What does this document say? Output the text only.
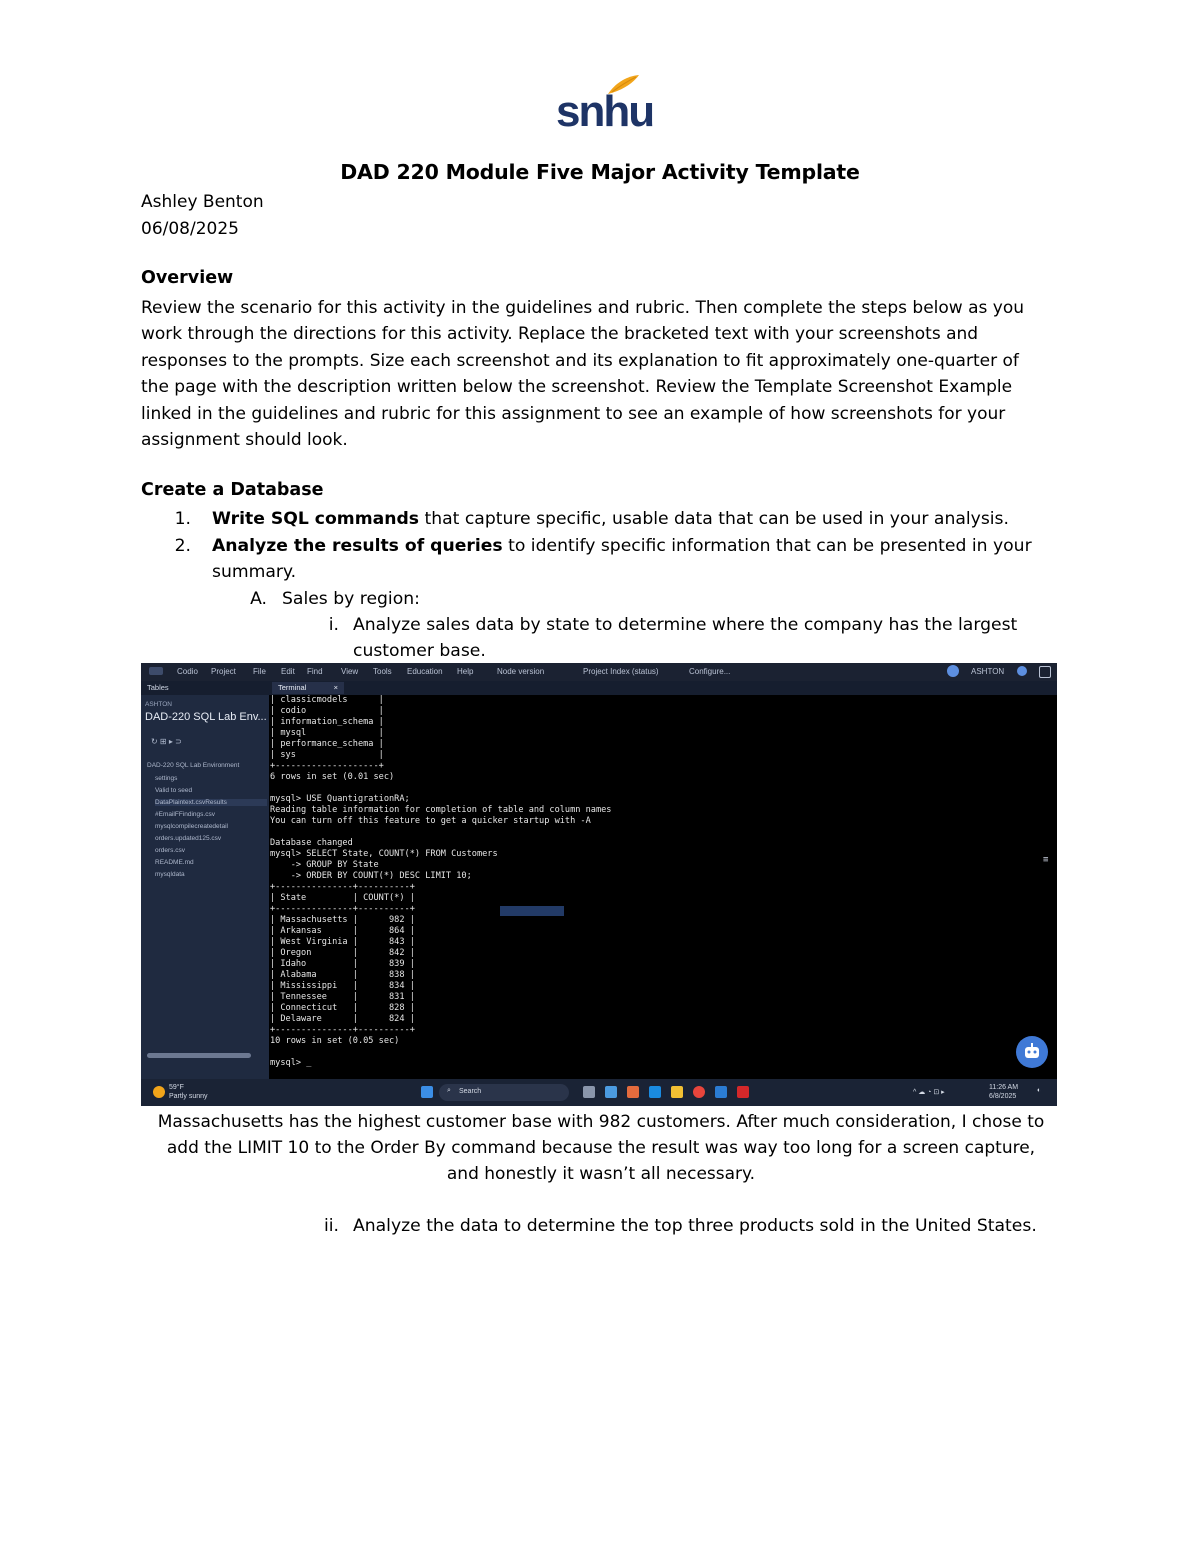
snhu
DAD 220 Module Five Major Activity Template
Ashley Benton
06/08/2025
Overview
Review the scenario for this activity in the guidelines and rubric. Then complete the steps below as you
work through the directions for this activity. Replace the bracketed text with your screenshots and
responses to the prompts. Size each screenshot and its explanation to fit approximately one-quarter of
the page with the description written below the screenshot. Review the Template Screenshot Example
linked in the guidelines and rubric for this assignment to see an example of how screenshots for your
assignment should look.
Create a Database
1. Write SQL commands that capture specific, usable data that can be used in your analysis.
2. Analyze the results of queries to identify specific information that can be presented in your
summary.
A. Sales by region:
i. Analyze sales data by state to determine where the company has the largest
customer base.
Codio Project File Edit Find View Tools Education Help	Node version	Project Index (status)	Configure...	ASHTON
Tables
ASHTON
DAD-220 SQL Lab Env...
↻ ⊞ ▸ ⊃
DAD-220 SQL Lab Environment
settings
Valid to seed
DataPlaintext.csvResults
#EmailFFindings.csv
mysqlcompilecreatedetail
orders.updated125.csv
orders.csv
README.md
mysqldata
Terminal	×
| classicmodels      |
| codio              |
| information_schema |
| mysql              |
| performance_schema |
| sys                |
+--------------------+
6 rows in set (0.01 sec)

mysql> USE QuantigrationRA;
Reading table information for completion of table and column names
You can turn off this feature to get a quicker startup with -A

Database changed
mysql> SELECT State, COUNT(*) FROM Customers
-> GROUP BY State
-> ORDER BY COUNT(*) DESC LIMIT 10;
+---------------+----------+
| State         | COUNT(*) |
+---------------+----------+
| Massachusetts |      982 |
| Arkansas      |      864 |
| West Virginia |      843 |
| Oregon        |      842 |
| Idaho         |      839 |
| Alabama       |      838 |
| Mississippi   |      834 |
| Tennessee     |      831 |
| Connecticut   |      828 |
| Delaware      |      824 |
+---------------+----------+
10 rows in set (0.05 sec)

mysql> _
≡
59°F
Partly sunny
⌕ Search	^ ☁ ◔ ⊡ ▸
11:26 AM
6/8/2025
◐
Massachusetts has the highest customer base with 982 customers. After much consideration, I chose to
add the LIMIT 10 to the Order By command because the result was way too long for a screen capture,
and honestly it wasn’t all necessary.
ii. Analyze the data to determine the top three products sold in the United States.
